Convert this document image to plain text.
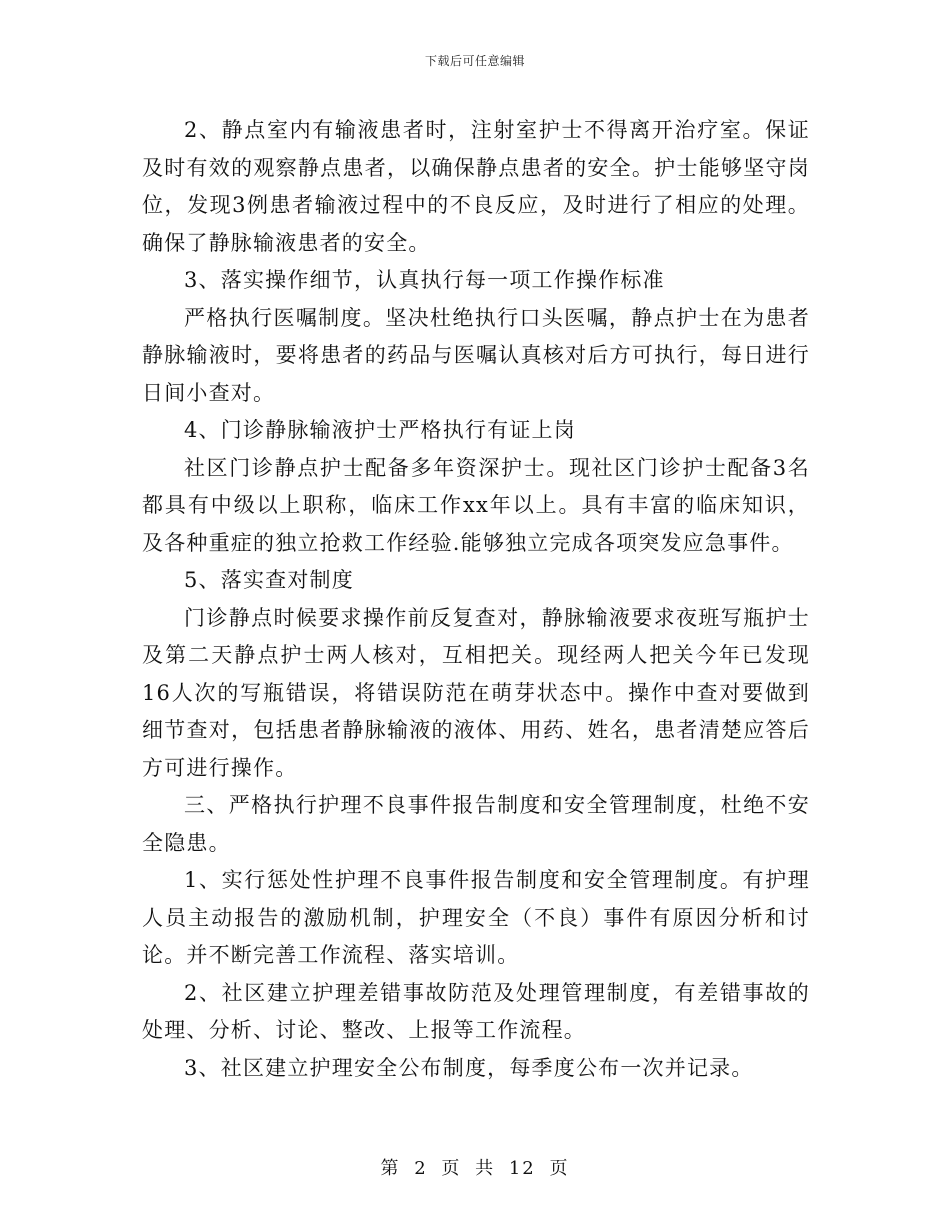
下载后可任意编辑

2、静点室内有输液患者时，注射室护士不得离开治疗室。保证及时有效的观察静点患者，以确保静点患者的安全。护士能够坚守岗位，发现3例患者输液过程中的不良反应，及时进行了相应的处理。确保了静脉输液患者的安全。

3、落实操作细节，认真执行每一项工作操作标准

严格执行医嘱制度。坚决杜绝执行口头医嘱，静点护士在为患者静脉输液时，要将患者的药品与医嘱认真核对后方可执行，每日进行日间小查对。

4、门诊静脉输液护士严格执行有证上岗

社区门诊静点护士配备多年资深护士。现社区门诊护士配备3名都具有中级以上职称，临床工作xx年以上。具有丰富的临床知识，及各种重症的独立抢救工作经验.能够独立完成各项突发应急事件。

5、落实查对制度

门诊静点时候要求操作前反复查对，静脉输液要求夜班写瓶护士及第二天静点护士两人核对，互相把关。现经两人把关今年已发现16人次的写瓶错误，将错误防范在萌芽状态中。操作中查对要做到细节查对，包括患者静脉输液的液体、用药、姓名，患者清楚应答后方可进行操作。

三、严格执行护理不良事件报告制度和安全管理制度，杜绝不安全隐患。

1、实行惩处性护理不良事件报告制度和安全管理制度。有护理人员主动报告的激励机制，护理安全（不良）事件有原因分析和讨论。并不断完善工作流程、落实培训。

2、社区建立护理差错事故防范及处理管理制度，有差错事故的处理、分析、讨论、整改、上报等工作流程。

3、社区建立护理安全公布制度，每季度公布一次并记录。

第 2 页 共 12 页
